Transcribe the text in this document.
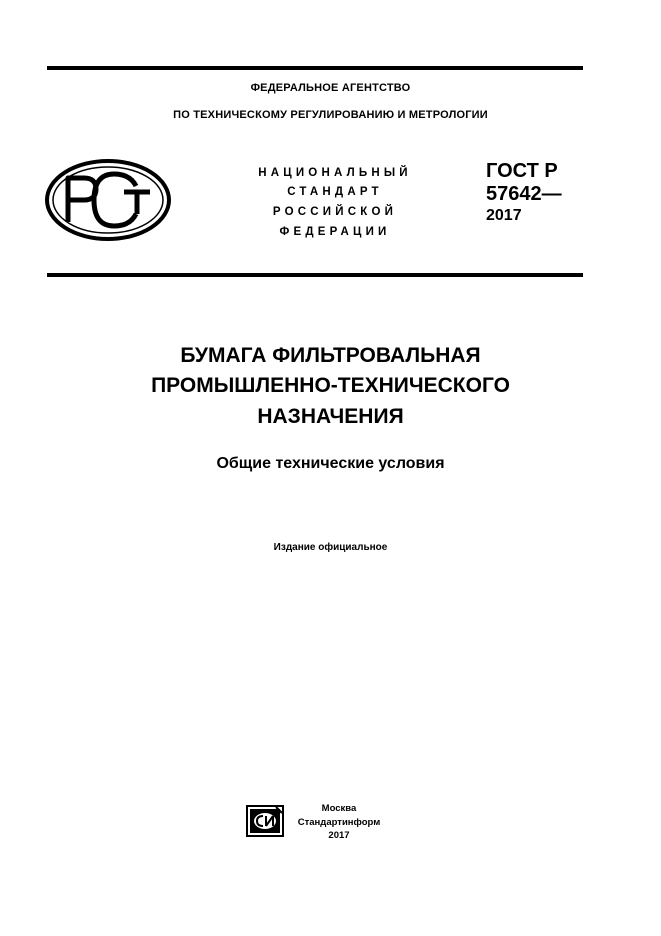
ФЕДЕРАЛЬНОЕ АГЕНТСТВО
ПО ТЕХНИЧЕСКОМУ РЕГУЛИРОВАНИЮ И МЕТРОЛОГИИ
НАЦИОНАЛЬНЫЙ
СТАНДАРТ
РОССИЙСКОЙ
ФЕДЕРАЦИИ
ГОСТ Р
57642—
2017
БУМАГА ФИЛЬТРОВАЛЬНАЯ
ПРОМЫШЛЕННО-ТЕХНИЧЕСКОГО
НАЗНАЧЕНИЯ
Общие технические условия
Издание официальное
Москва
Стандартинформ
2017
